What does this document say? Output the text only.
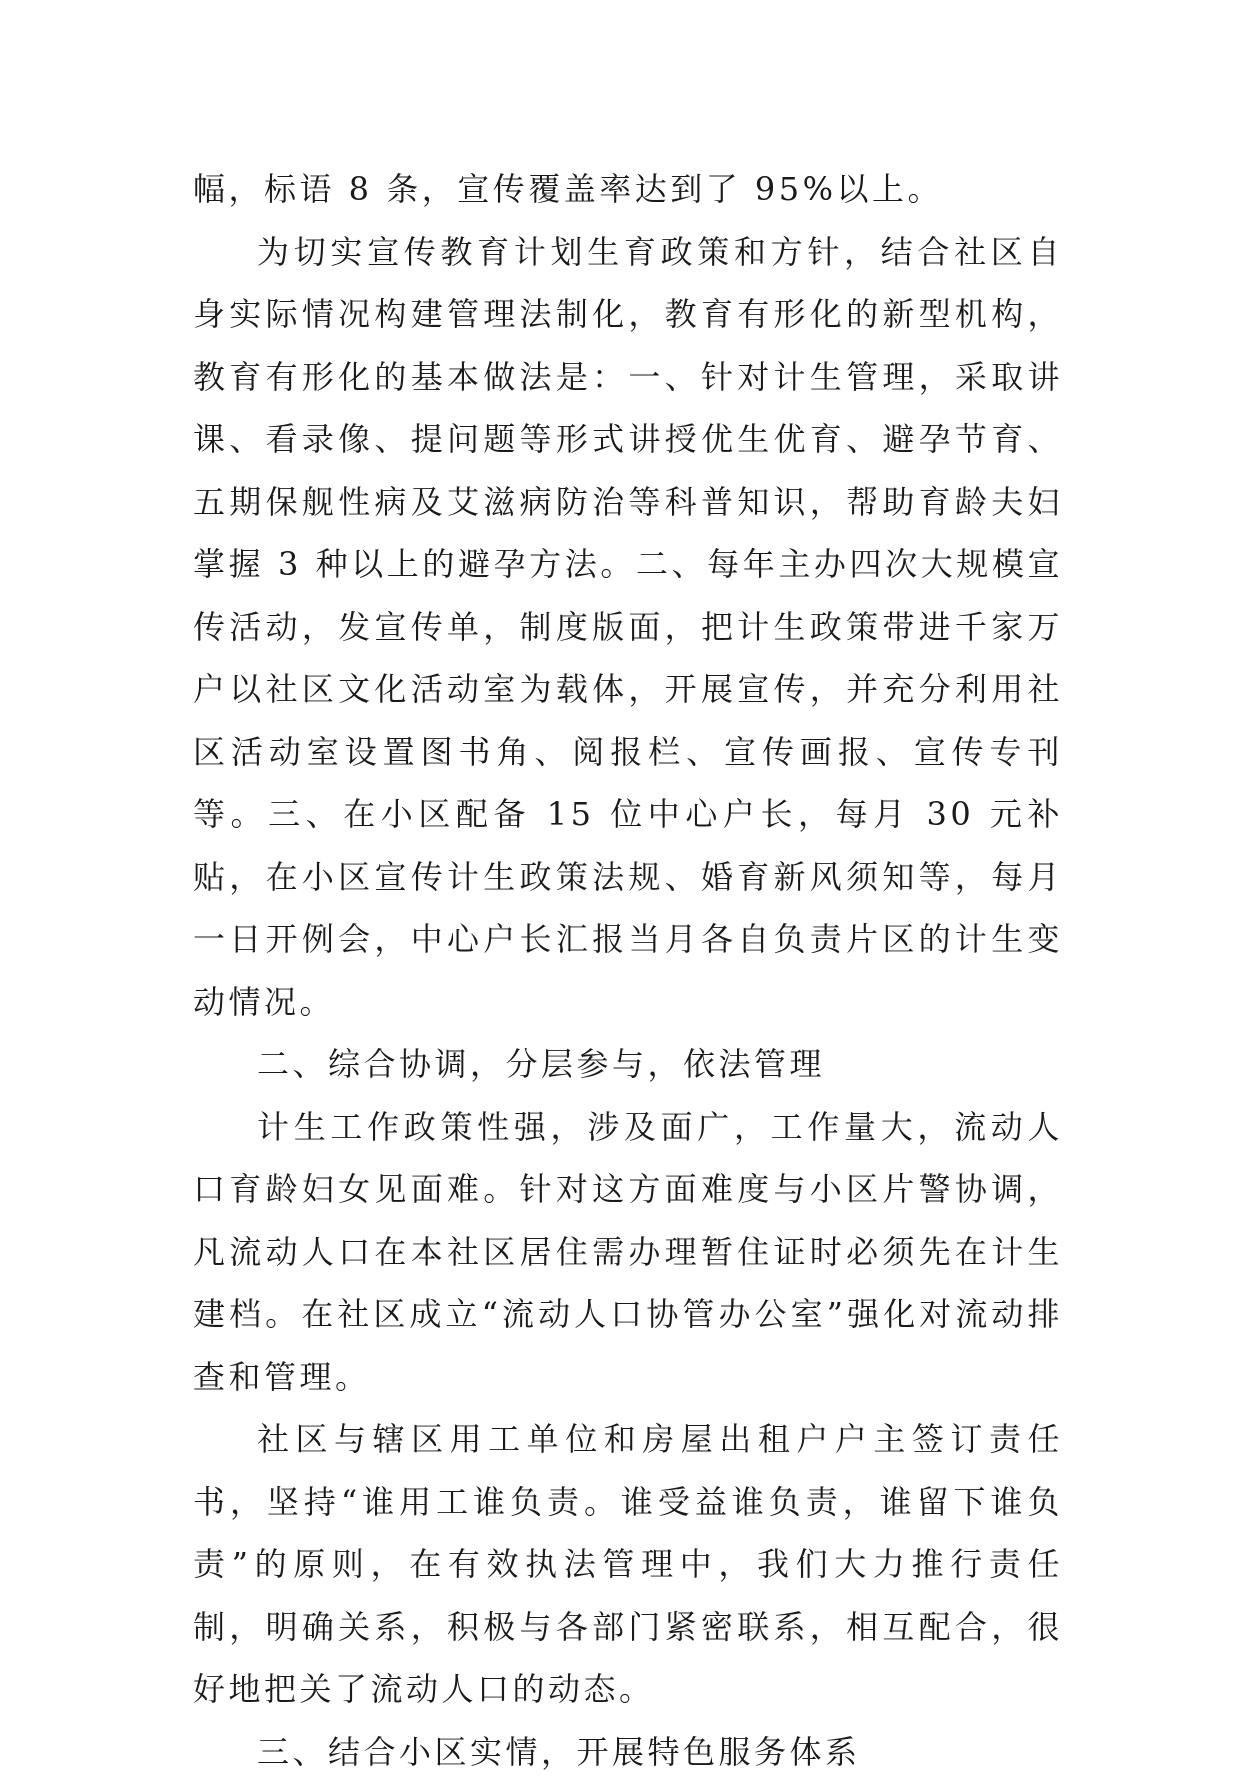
幅，标语 8 条，宣传覆盖率达到了 95%以上。

为切实宣传教育计划生育政策和方针，结合社区自身实际情况构建管理法制化，教育有形化的新型机构，教育有形化的基本做法是：一、针对计生管理，采取讲课、看录像、提问题等形式讲授优生优育、避孕节育、五期保舰性病及艾滋病防治等科普知识，帮助育龄夫妇掌握 3 种以上的避孕方法。二、每年主办四次大规模宣传活动，发宣传单，制度版面，把计生政策带进千家万户以社区文化活动室为载体，开展宣传，并充分利用社区活动室设置图书角、阅报栏、宣传画报、宣传专刊等。三、在小区配备 15 位中心户长，每月 30 元补贴，在小区宣传计生政策法规、婚育新风须知等，每月一日开例会，中心户长汇报当月各自负责片区的计生变动情况。

二、综合协调，分层参与，依法管理

计生工作政策性强，涉及面广，工作量大，流动人口育龄妇女见面难。针对这方面难度与小区片警协调，凡流动人口在本社区居住需办理暂住证时必须先在计生建档。在社区成立“流动人口协管办公室”强化对流动排查和管理。

社区与辖区用工单位和房屋出租户户主签订责任书，坚持“谁用工谁负责。谁受益谁负责，谁留下谁负责”的原则，在有效执法管理中，我们大力推行责任制，明确关系，积极与各部门紧密联系，相互配合，很好地把关了流动人口的动态。

三、结合小区实情，开展特色服务体系
